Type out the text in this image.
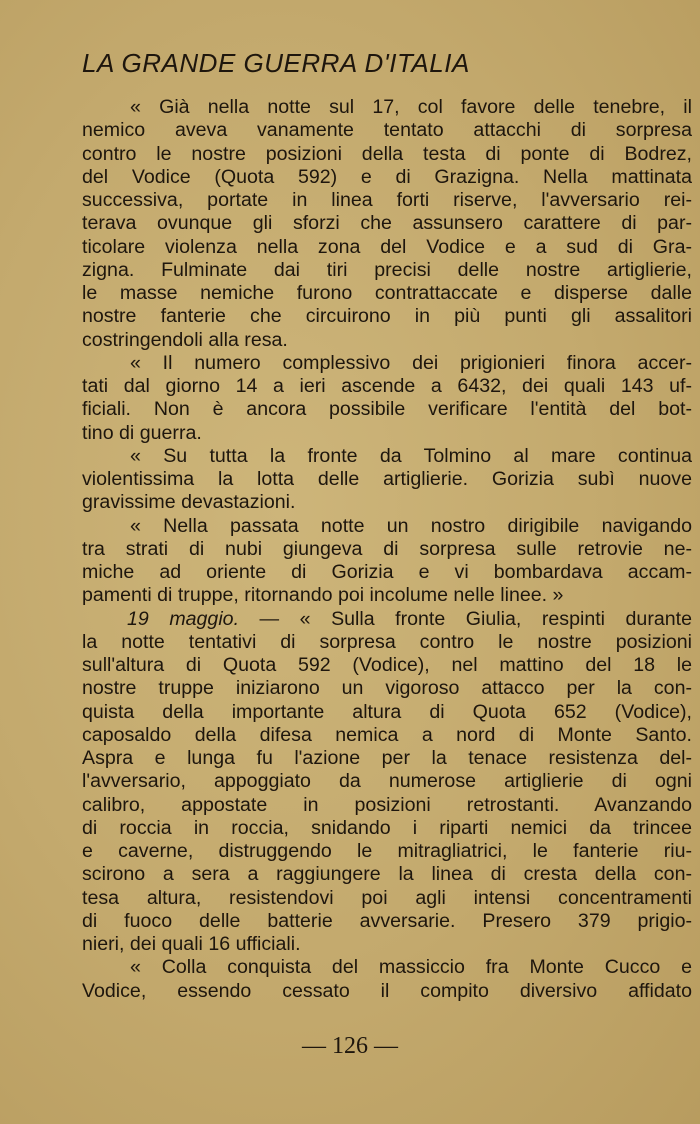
LA GRANDE GUERRA D'ITALIA
« Già nella notte sul 17, col favore delle tenebre, il
nemico aveva vanamente tentato attacchi di sorpresa
contro le nostre posizioni della testa di ponte di Bodrez,
del Vodice (Quota 592) e di Grazigna. Nella mattinata
successiva, portate in linea forti riserve, l'avversario rei-
terava ovunque gli sforzi che assunsero carattere di par-
ticolare violenza nella zona del Vodice e a sud di Gra-
zigna. Fulminate dai tiri precisi delle nostre artiglierie,
le masse nemiche furono contrattaccate e disperse dalle
nostre fanterie che circuirono in più punti gli assalitori
costringendoli alla resa.
« Il numero complessivo dei prigionieri finora accer-
tati dal giorno 14 a ieri ascende a 6432, dei quali 143 uf-
ficiali. Non è ancora possibile verificare l'entità del bot-
tino di guerra.
« Su tutta la fronte da Tolmino al mare continua
violentissima la lotta delle artiglierie. Gorizia subì nuove
gravissime devastazioni.
« Nella passata notte un nostro dirigibile navigando
tra strati di nubi giungeva di sorpresa sulle retrovie ne-
miche ad oriente di Gorizia e vi bombardava accam-
pamenti di truppe, ritornando poi incolume nelle linee. »
19 maggio. — « Sulla fronte Giulia, respinti durante
la notte tentativi di sorpresa contro le nostre posizioni
sull'altura di Quota 592 (Vodice), nel mattino del 18 le
nostre truppe iniziarono un vigoroso attacco per la con-
quista della importante altura di Quota 652 (Vodice),
caposaldo della difesa nemica a nord di Monte Santo.
Aspra e lunga fu l'azione per la tenace resistenza del-
l'avversario, appoggiato da numerose artiglierie di ogni
calibro, appostate in posizioni retrostanti. Avanzando
di roccia in roccia, snidando i riparti nemici da trincee
e caverne, distruggendo le mitragliatrici, le fanterie riu-
scirono a sera a raggiungere la linea di cresta della con-
tesa altura, resistendovi poi agli intensi concentramenti
di fuoco delle batterie avversarie. Presero 379 prigio-
nieri, dei quali 16 ufficiali.
« Colla conquista del massiccio fra Monte Cucco e
Vodice, essendo cessato il compito diversivo affidato
— 126 —
